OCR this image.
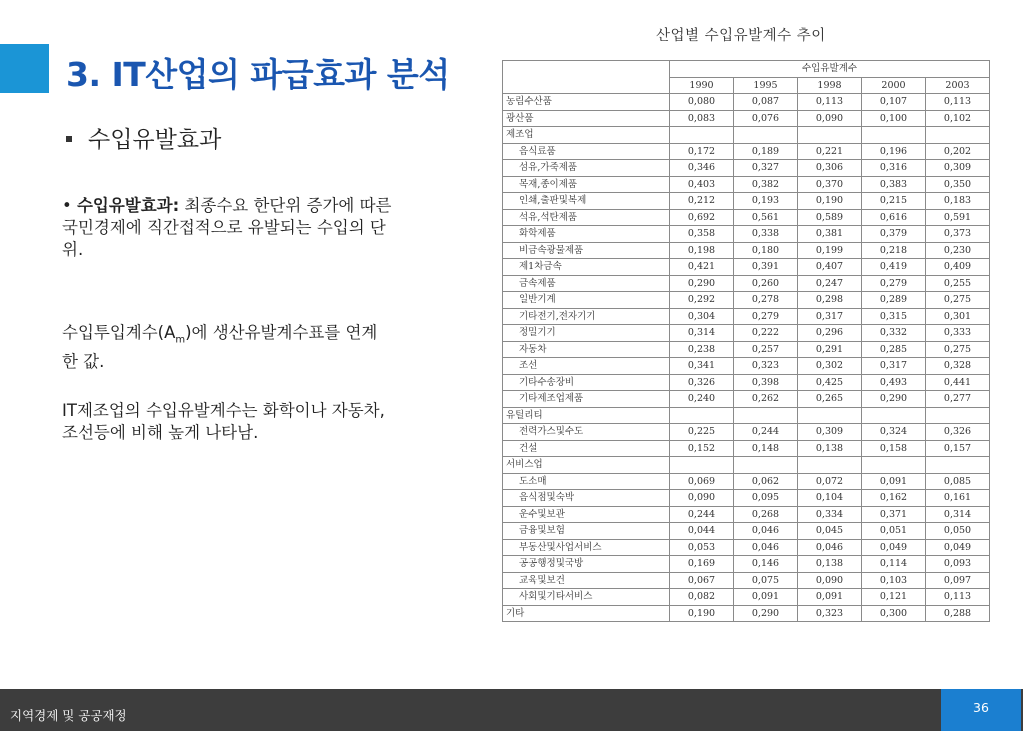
3. IT산업의 파급효과 분석
수입유발효과
• 수입유발효과: 최종수요 한단위 증가에 따른 국민경제에 직간접적으로 유발되는 수입의 단위.
수입투입계수$(A_m)$에 생산유발계수표를 연계한 값.
IT제조업의 수입유발계수는 화학이나 자동차, 조선등에 비해 높게 나타남.
산업별 수입유발계수 추이
	수입유발계수				
	1990	1995	1998	2000	2003
농림수산품	0,080	0,087	0,113	0,107	0,113
광산품	0,083	0,076	0,090	0,100	0,102
제조업					
음식료품	0,172	0,189	0,221	0,196	0,202
섬유,가죽제품	0,346	0,327	0,306	0,316	0,309
목재,종이제품	0,403	0,382	0,370	0,383	0,350
인쇄,출판및복제	0,212	0,193	0,190	0,215	0,183
석유,석탄제품	0,692	0,561	0,589	0,616	0,591
화학제품	0,358	0,338	0,381	0,379	0,373
비금속광물제품	0,198	0,180	0,199	0,218	0,230
제1차금속	0,421	0,391	0,407	0,419	0,409
금속제품	0,290	0,260	0,247	0,279	0,255
일반기계	0,292	0,278	0,298	0,289	0,275
기타전기,전자기기	0,304	0,279	0,317	0,315	0,301
정밀기기	0,314	0,222	0,296	0,332	0,333
자동차	0,238	0,257	0,291	0,285	0,275
조선	0,341	0,323	0,302	0,317	0,328
기타수송장비	0,326	0,398	0,425	0,493	0,441
기타제조업제품	0,240	0,262	0,265	0,290	0,277
유틸리티					
전력가스및수도	0,225	0,244	0,309	0,324	0,326
건설	0,152	0,148	0,138	0,158	0,157
서비스업					
도소매	0,069	0,062	0,072	0,091	0,085
음식점및숙박	0,090	0,095	0,104	0,162	0,161
운수및보관	0,244	0,268	0,334	0,371	0,314
금융및보험	0,044	0,046	0,045	0,051	0,050
부동산및사업서비스	0,053	0,046	0,046	0,049	0,049
공공행정및국방	0,169	0,146	0,138	0,114	0,093
교육및보건	0,067	0,075	0,090	0,103	0,097
사회및기타서비스	0,082	0,091	0,091	0,121	0,113
기타	0,190	0,290	0,323	0,300	0,288
지역경제 및 공공재정
36
